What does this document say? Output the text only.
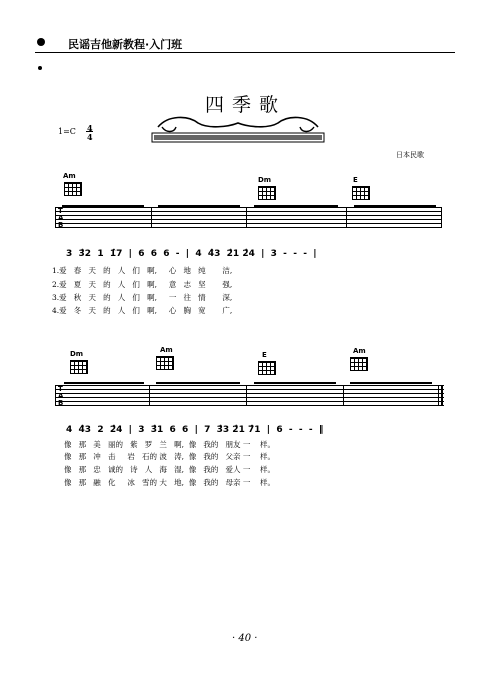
民谣吉他新教程·入门班
四季歌
1=C 4
4
日本民歌
Am	Dm	E
T
A
B
3  3̂2  1  1̂7  |  6  6  6  -  |  4  4̂3  2̂1 2̂4  |  3  -  -  -  |
1.爱   春   天   的   人   们   啊,     心   地   纯       洁,
2.爱   夏   天   的   人   们   啊,     意   志   坚       强,
3.爱   秋   天   的   人   们   啊,     一   往   情       深,
4.爱   冬   天   的   人   们   啊,     心   胸   宽       广,
Dm	Am
E	Am
T
A
B
4  4̂3  2  2̂4  |  3  3̂1  6  6  |  7  3̂3 2̂1 7̂1  |  6  -  -  -  ‖
像   那   美   丽的   紫   罗   兰   啊,  像   我的   朋友 一    样。
像   那   冲   击     岩   石的 波   涛,  像   我的   父亲 一    样。
像   那   忠   诚的   诗   人   海   湿,  像   我的   爱人 一    样。
像   那   融   化     冰   雪的 大   地,  像   我的   母亲 一    样。
· 40 ·
